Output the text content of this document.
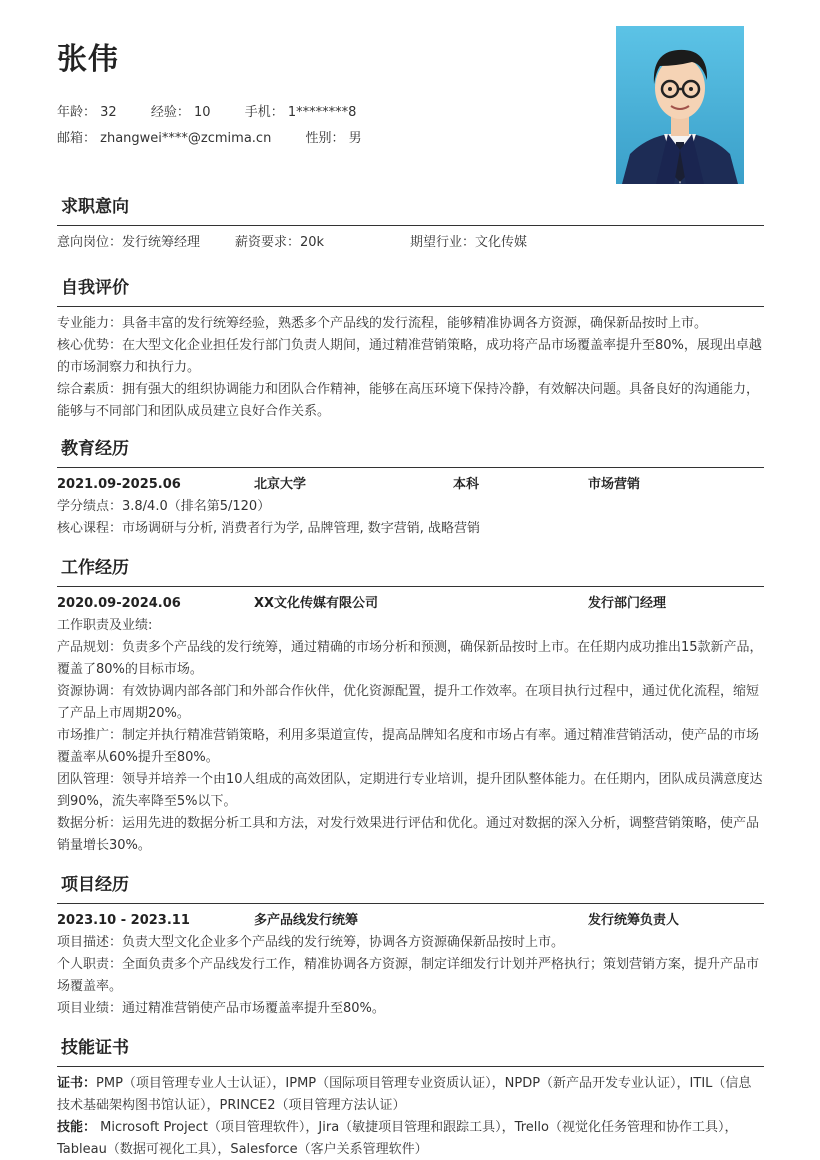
张伟
年龄： 32	经验： 10	手机： 1********8
邮箱： zhangwei****@zcmima.cn	性别： 男
求职意向
意向岗位：发行统筹经理	薪资要求：20k	期望行业：文化传媒
自我评价

专业能力：具备丰富的发行统筹经验，熟悉多个产品线的发行流程，能够精准协调各方资源，确保新品按时上市。

核心优势：在大型文化企业担任发行部门负责人期间，通过精准营销策略，成功将产品市场覆盖率提升至80%，展现出卓越的市场洞察力和执行力。

综合素质：拥有强大的组织协调能力和团队合作精神，能够在高压环境下保持冷静，有效解决问题。具备良好的沟通能力，能够与不同部门和团队成员建立良好合作关系。

教育经历
2021.09-2025.06	北京大学	本科	市场营销

学分绩点：3.8/4.0（排名第5/120）

核心课程：市场调研与分析, 消费者行为学, 品牌管理, 数字营销, 战略营销

工作经历
2020.09-2024.06	XX文化传媒有限公司	发行部门经理

工作职责及业绩:

产品规划：负责多个产品线的发行统筹，通过精确的市场分析和预测，确保新品按时上市。在任期内成功推出15款新产品，覆盖了80%的目标市场。

资源协调：有效协调内部各部门和外部合作伙伴，优化资源配置，提升工作效率。在项目执行过程中，通过优化流程，缩短了产品上市周期20%。

市场推广：制定并执行精准营销策略，利用多渠道宣传，提高品牌知名度和市场占有率。通过精准营销活动，使产品的市场覆盖率从60%提升至80%。

团队管理：领导并培养一个由10人组成的高效团队，定期进行专业培训，提升团队整体能力。在任期内，团队成员满意度达到90%，流失率降至5%以下。

数据分析：运用先进的数据分析工具和方法，对发行效果进行评估和优化。通过对数据的深入分析，调整营销策略，使产品销量增长30%。

项目经历
2023.10 - 2023.11	多产品线发行统筹	发行统筹负责人

项目描述：负责大型文化企业多个产品线的发行统筹，协调各方资源确保新品按时上市。

个人职责：全面负责多个产品线发行工作，精准协调各方资源，制定详细发行计划并严格执行；策划营销方案，提升产品市场覆盖率。

项目业绩：通过精准营销使产品市场覆盖率提升至80%。

技能证书

证书：PMP（项目管理专业人士认证），IPMP（国际项目管理专业资质认证），NPDP（新产品开发专业认证），ITIL（信息技术基础架构图书馆认证），PRINCE2（项目管理方法认证）

技能： Microsoft Project（项目管理软件），Jira（敏捷项目管理和跟踪工具），Trello（视觉化任务管理和协作工具），Tableau（数据可视化工具），Salesforce（客户关系管理软件）
